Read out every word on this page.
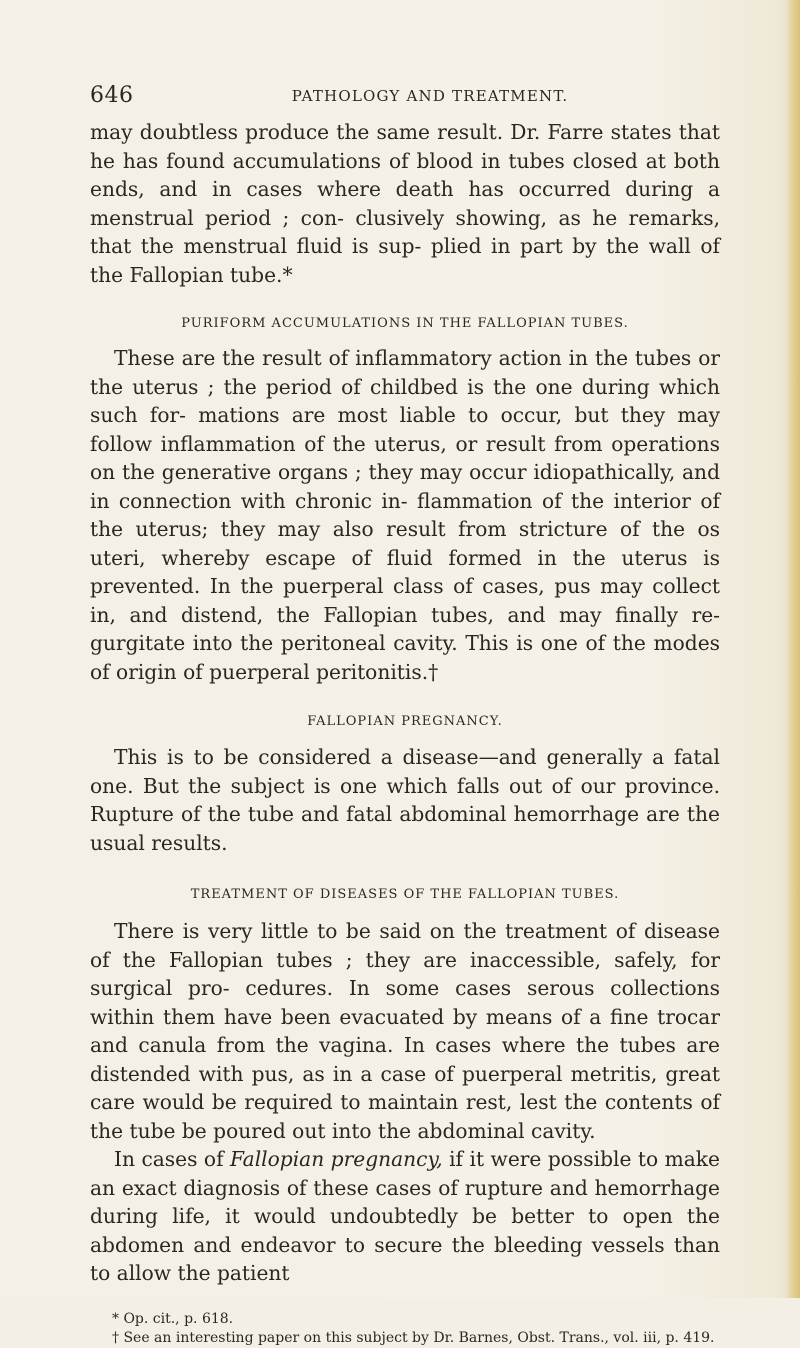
646	PATHOLOGY AND TREATMENT.

may doubtless produce the same result. Dr. Farre states that he has found accumulations of blood in tubes closed at both ends, and in cases where death has occurred during a menstrual period ; con- clusively showing, as he remarks, that the menstrual fluid is sup- plied in part by the wall of the Fallopian tube.*

PURIFORM ACCUMULATIONS IN THE FALLOPIAN TUBES.

These are the result of inflammatory action in the tubes or the uterus ; the period of childbed is the one during which such for- mations are most liable to occur, but they may follow inflammation of the uterus, or result from operations on the generative organs ; they may occur idiopathically, and in connection with chronic in- flammation of the interior of the uterus; they may also result from stricture of the os uteri, whereby escape of fluid formed in the uterus is prevented. In the puerperal class of cases, pus may collect in, and distend, the Fallopian tubes, and may finally re- gurgitate into the peritoneal cavity. This is one of the modes of origin of puerperal peritonitis.†

FALLOPIAN PREGNANCY.

This is to be considered a disease—and generally a fatal one. But the subject is one which falls out of our province. Rupture of the tube and fatal abdominal hemorrhage are the usual results.

TREATMENT OF DISEASES OF THE FALLOPIAN TUBES.

There is very little to be said on the treatment of disease of the Fallopian tubes ; they are inaccessible, safely, for surgical pro- cedures. In some cases serous collections within them have been evacuated by means of a fine trocar and canula from the vagina. In cases where the tubes are distended with pus, as in a case of puerperal metritis, great care would be required to maintain rest, lest the contents of the tube be poured out into the abdominal cavity.

In cases of Fallopian pregnancy, if it were possible to make an exact diagnosis of these cases of rupture and hemorrhage during life, it would undoubtedly be better to open the abdomen and endeavor to secure the bleeding vessels than to allow the patient

* Op. cit., p. 618.
† See an interesting paper on this subject by Dr. Barnes, Obst. Trans., vol. iii, p. 419.
